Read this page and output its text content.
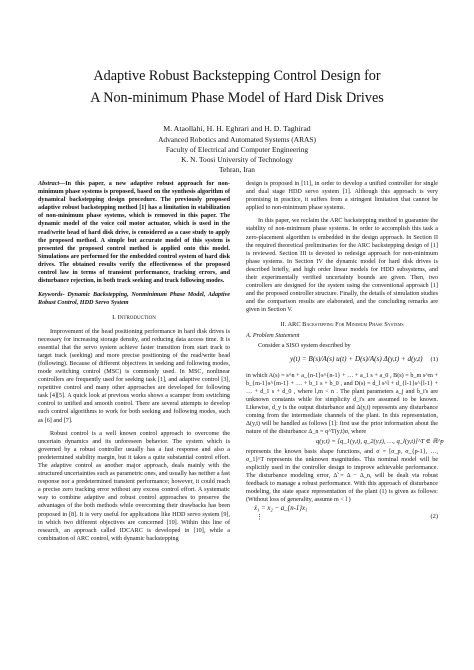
Adaptive Robust Backstepping Control Design for
A Non-minimum Phase Model of Hard Disk Drives
M. Ataollahi, H. H. Eghrari and H. D. Taghirad
Advanced Robotics and Automated Systems (ARAS)
Faculty of Electrical and Computer Engineering
K. N. Toosi University of Technology
Tehran, Iran

Abstract—In this paper, a new adaptive robust approach for non-minimum phase systems is proposed, based on the synthesis algorithm of dynamical backstepping design procedure. The previously proposed adaptive robust backstepping method [1] has a limitation in stabilization of non-minimum phase systems, which is removed in this paper. The dynamic model of the voice coil motor actuator, which is used in the read/write head of hard disk drive, is considered as a case study to apply the proposed method. A simple but accurate model of this system is presented the proposed control method is applied onto this model. Simulations are performed for the embedded control system of hard disk drives. The obtained results verify the effectiveness of the proposed control law in terms of transient performance, tracking errors, and disturbance rejection, in both track seeking and track following modes.

Keywords- Dynamic Backstepping, Nonminimum Phase Model, Adaptive Robust Control, HDD Servo System

I. Introduction

Improvement of the head positioning performance in hard disk drives is necessary for increasing storage density, and reducing data access time. It is essential that the servo system achieve faster transition from start track to target track (seeking) and more precise positioning of the read/write head (following). Because of different objectives in seeking and following modes, mode switching control (MSC) is commonly used. In MSC, nonlinear controllers are frequently used for seeking task [1], and adaptive control [3], repetitive control and many other approaches are developed for following task [4][5]. A quick look at previous works shows a scamper from switching control to unified and smooth control. There are several attempts to develop such control algorithms to work for both seeking and following modes, such as [6] and [7].

Robust control is a well known control approach to overcome the uncertain dynamics and its unforeseen behavior. The system which is governed by a robust controller usually has a fast response and also a predetermined stability margin, but it takes a quite substantial control effort. The adaptive control as another major approach, deals mainly with the structured uncertainties such as parametric ones, and usually has neither a fast response nor a predetermined transient performance; however, it could reach a precise zero tracking error without any excess control effort. A systematic way to combine adaptive and robust control approaches to preserve the advantages of the both methods while overcoming their drawbacks has been proposed in [8]. It is very useful for applications like HDD servo system [9], in which two different objectives are concerned [10]. Within this line of research, an approach called IDCARC is developed in [10], while a combination of ARC control, with dynamic backstepping

design is proposed in [11], in order to develop a unified controller for single and dual stage HDD servo system [1]. Although this approach is very promising in practice, it suffers from a stringent limitation that cannot be applied to non-minimum phase systems.

In this paper, we reclaim the ARC backstepping method to guarantee the stability of non-minimum phase systems. In order to accomplish this task a zero-placement algorithm is embedded in the design approach. In Section II the required theoretical preliminaries for the ARC backstepping design of [1] is reviewed. Section III is devoted to redesign approach for non-minimum phase systems. In Section IV the dynamic model for hard disk drives is described briefly, and high order linear models for HDD subsystems, and their experimentally verified uncertainty bounds are given. Then, two controllers are designed for the system using the conventional approach [1] and the proposed controller structure. Finally, the details of simulation studies and the comparison results are elaborated, and the concluding remarks are given in Section V.

II. ARC Backstepping For Minimum Phase Systems

A. Problem Statement

Consider a SISO system described by

y(t) = B(s)/A(s) u(t) + D(s)/A(s) Δ(y,t) + d(y,t) (1)

in which A(s) = s^n + a_{n-1}s^{n-1} + … + a_1 s + a_0 , B(s) = b_m s^m + b_{m-1}s^{m-1} + … + b_1 s + b_0 , and D(s) = d_l s^l + d_{l-1}s^{l-1} + … + d_1 s + d_0 , where l,m < n . The plant parameters a_j and b_i's are unknown constants while for simplicity d_i's are assumed to be known. Likewise, d_y is the output disturbance and Δ(y,t) represents any disturbance coming from the intermediate channels of the plant. In this representation, Δ(y,t) will be handled as follows [1]: first use the prior information about the nature of the disturbance Δ_n = q^T(y,t)σ, where

q(y,t) = [q_1(y,t), q_2(y,t), …, q_l(y,t)]^T ∈ ℝ^p

represents the known basis shape functions, and σ = [σ_p, σ_{p-1}, …, σ_1]^T represents the unknown magnitudes. This nominal model will be explicitly used in the controller design to improve achievable performance. The disturbance modeling error, Δ̃ = Δ − Δ_n, will be dealt via robust feedback to manage a robust performance. With this approach of disturbance modeling, the state space representation of the plant (1) is given as follows: (Without loss of generality, assume m < l )

ẋ₁ = x₂ − a_{n-1}x₁
⋮	(2)
